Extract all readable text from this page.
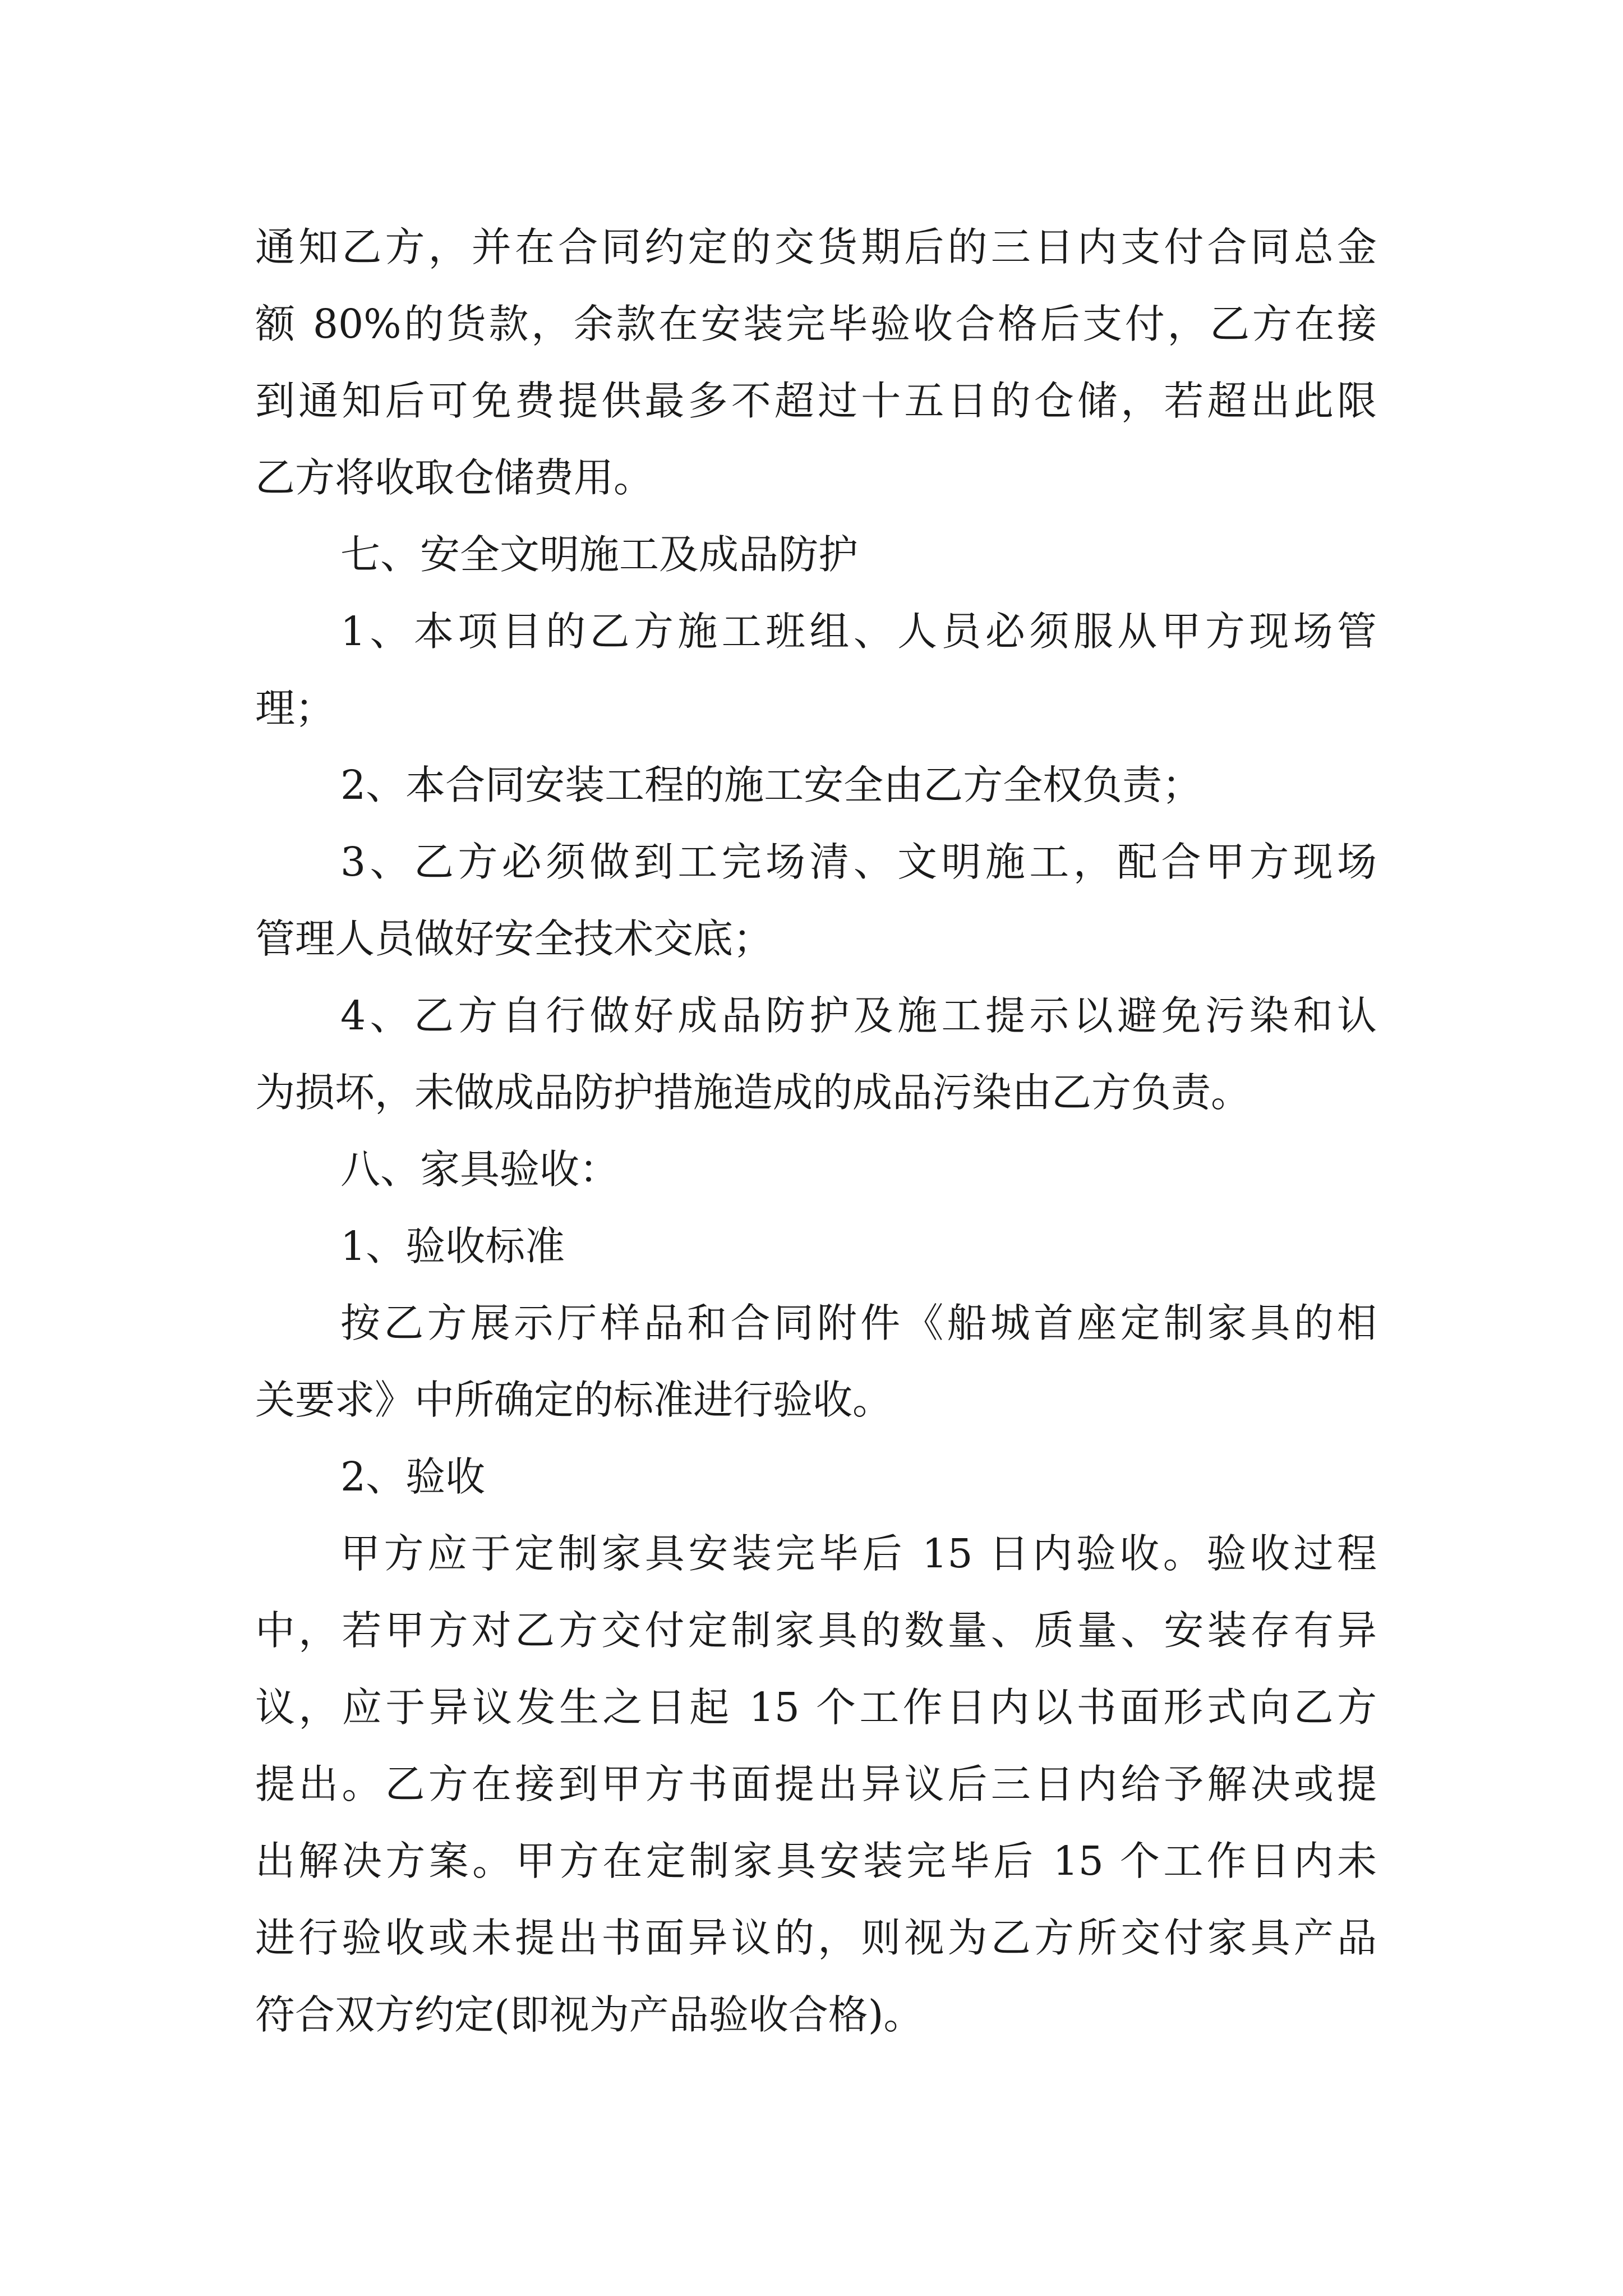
通知乙方，并在合同约定的交货期后的三日内支付合同总金
额 80%的货款，余款在安装完毕验收合格后支付，乙方在接
到通知后可免费提供最多不超过十五日的仓储，若超出此限
乙方将收取仓储费用。
七、安全文明施工及成品防护
1、本项目的乙方施工班组、人员必须服从甲方现场管
理；
2、本合同安装工程的施工安全由乙方全权负责；
3、乙方必须做到工完场清、文明施工，配合甲方现场
管理人员做好安全技术交底；
4、乙方自行做好成品防护及施工提示以避免污染和认
为损坏，未做成品防护措施造成的成品污染由乙方负责。
八、家具验收：
1、验收标准
按乙方展示厅样品和合同附件《船城首座定制家具的相
关要求》中所确定的标准进行验收。
2、验收
甲方应于定制家具安装完毕后 15 日内验收。验收过程
中，若甲方对乙方交付定制家具的数量、质量、安装存有异
议，应于异议发生之日起 15 个工作日内以书面形式向乙方
提出。乙方在接到甲方书面提出异议后三日内给予解决或提
出解决方案。甲方在定制家具安装完毕后 15 个工作日内未
进行验收或未提出书面异议的，则视为乙方所交付家具产品
符合双方约定(即视为产品验收合格)。
